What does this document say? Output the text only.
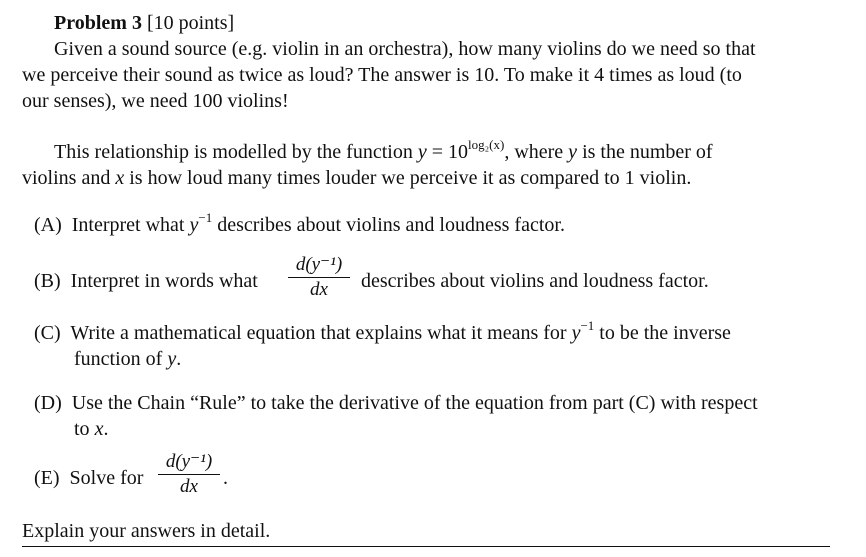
Problem 3 [10 points]
Given a sound source (e.g. violin in an orchestra), how many violins do we need so that
we perceive their sound as twice as loud? The answer is 10. To make it 4 times as loud (to
our senses), we need 100 violins!
This relationship is modelled by the function $y = 10^{log_2(x)}$, where y is the number of
violins and x is how loud many times louder we perceive it as compared to 1 violin.
(A) Interpret what $y^{-1}$ describes about violins and loudness factor.
(B) Interpret in words what
d(y⁻¹)
dx	describes about violins and loudness factor.
(C) Write a mathematical equation that explains what it means for $y^{-1}$ to be the inverse
function of y.
(D) Use the Chain “Rule” to take the derivative of the equation from part (C) with respect
to x.
(E) Solve for
d(y⁻¹)
dx	.
Explain your answers in detail.
